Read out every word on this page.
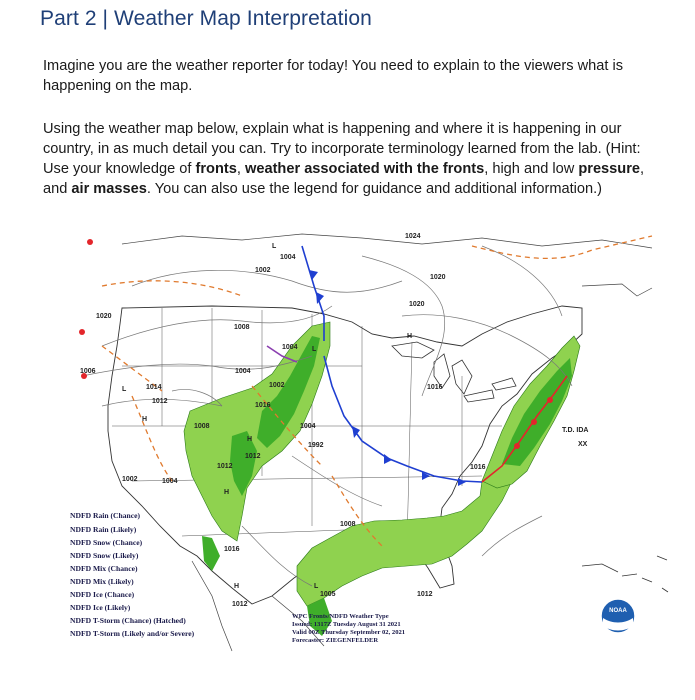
Part 2 | Weather Map Interpretation
Imagine you are the weather reporter for today! You need to explain to the viewers what is happening on the map.
Using the weather map below, explain what is happening and where it is happening in our country, in as much detail you can. Try to incorporate terminology learned from the lab. (Hint: Use your knowledge of fronts, weather associated with the fronts, high and low pressure, and air masses. You can also use the legend for guidance and additional information.)
L
L
L
L
H
H
H
H
H
1024
1004
1002
1020
1020
1020
1008
1004
1006	1004
1014
1012
1002
1016
1008	1004
1012
1992
1012
1002	1004
1008
1016
1012
1005	1012
1016
1016
T.D. IDA
XX
NDFD Rain (Chance)
NDFD Rain (Likely)
NDFD Snow (Chance)
NDFD Snow (Likely)
NDFD Mix (Chance)
NDFD Mix (Likely)
NDFD Ice (Chance)
NDFD Ice (Likely)
NDFD T-Storm (Chance) (Hatched)
NDFD T-Storm (Likely and/or Severe)
WPC Fronts/NDFD Weather Type
Issued: 1317Z Tuesday August 31 2021
Valid 00Z Thursday September 02, 2021
Forecaster: ZIEGENFELDER
NOAA
